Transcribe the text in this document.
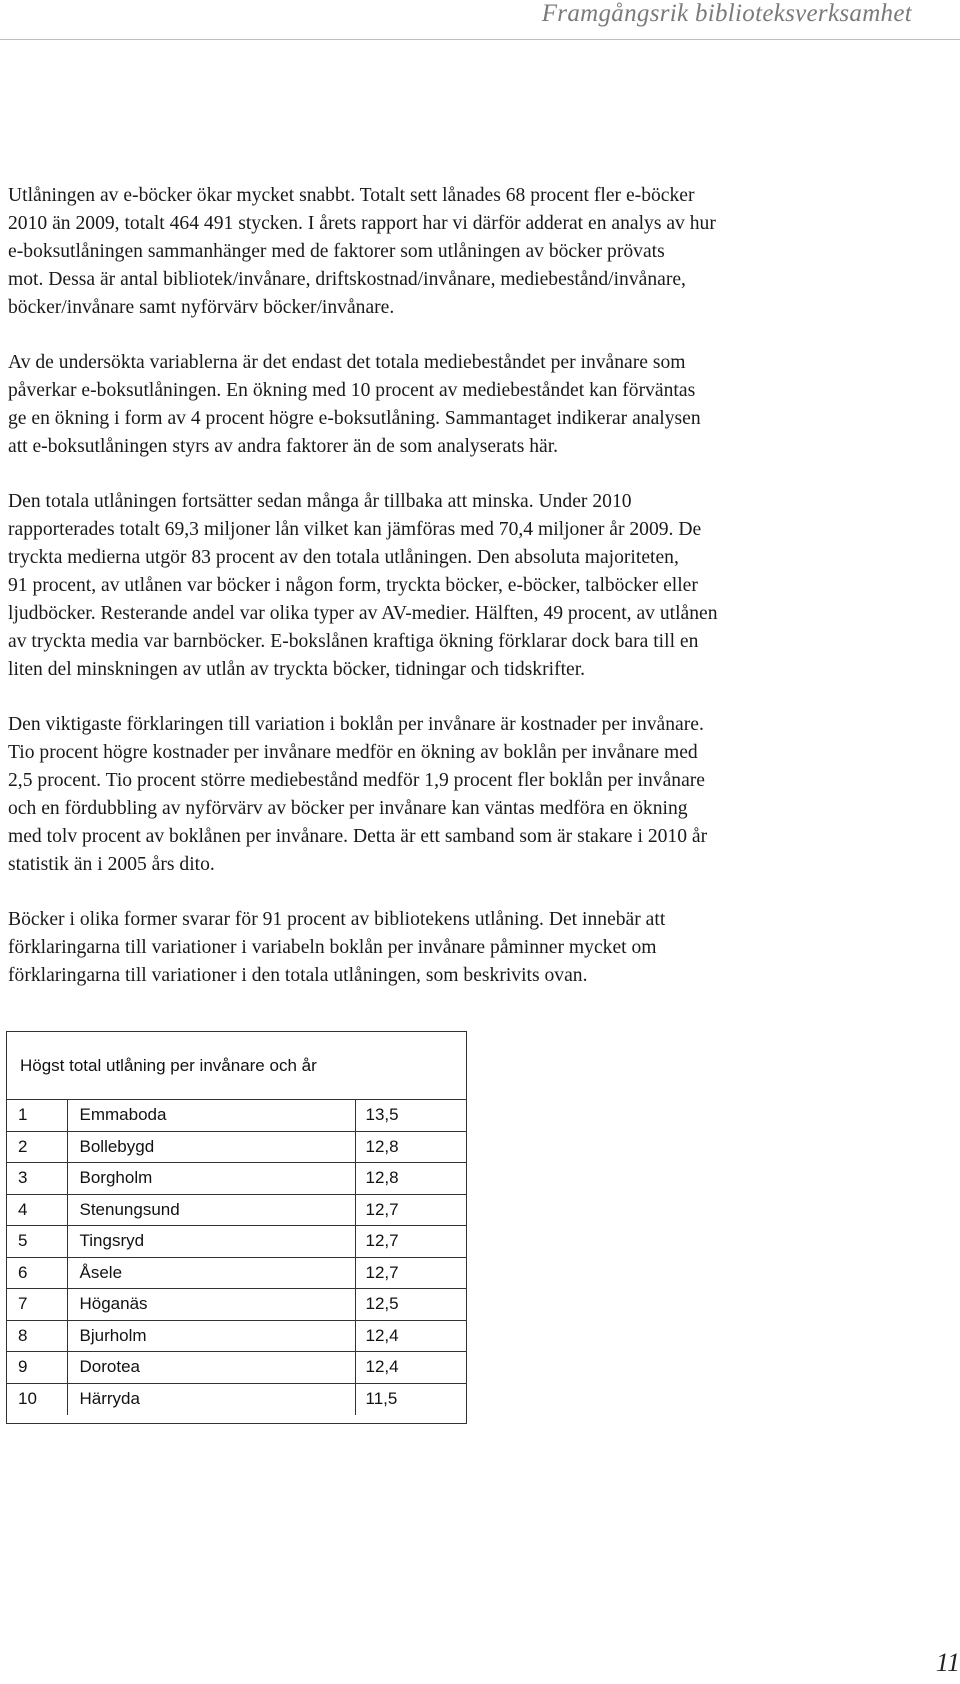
Framgångsrik biblioteksverksamhet

Utlåningen av e-böcker ökar mycket snabbt. Totalt sett lånades 68 procent fler e-böcker
2010 än 2009, totalt 464 491 stycken. I årets rapport har vi därför adderat en analys av hur
e-boksutlåningen sammanhänger med de faktorer som utlåningen av böcker prövats
mot. Dessa är antal bibliotek/invånare, driftskostnad/invånare, mediebestånd/invånare,
böcker/invånare samt nyförvärv böcker/invånare.

Av de undersökta variablerna är det endast det totala mediebeståndet per invånare som
påverkar e-boksutlåningen. En ökning med 10 procent av mediebeståndet kan förväntas
ge en ökning i form av 4 procent högre e-boksutlåning. Sammantaget indikerar analysen
att e-boksutlåningen styrs av andra faktorer än de som analyserats här.

Den totala utlåningen fortsätter sedan många år tillbaka att minska. Under 2010
rapporterades totalt 69,3 miljoner lån vilket kan jämföras med 70,4 miljoner år 2009. De
tryckta medierna utgör 83 procent av den totala utlåningen. Den absoluta majoriteten,
91 procent, av utlånen var böcker i någon form, tryckta böcker, e-böcker, talböcker eller
ljudböcker. Resterande andel var olika typer av AV-medier. Hälften, 49 procent, av utlånen
av tryckta media var barnböcker. E-bokslånen kraftiga ökning förklarar dock bara till en
liten del minskningen av utlån av tryckta böcker, tidningar och tidskrifter.

Den viktigaste förklaringen till variation i boklån per invånare är kostnader per invånare.
Tio procent högre kostnader per invånare medför en ökning av boklån per invånare med
2,5 procent. Tio procent större mediebestånd medför 1,9 procent fler boklån per invånare
och en fördubbling av nyförvärv av böcker per invånare kan väntas medföra en ökning
med tolv procent av boklånen per invånare. Detta är ett samband som är stakare i 2010 år
statistik än i 2005 års dito.

Böcker i olika former svarar för 91 procent av bibliotekens utlåning. Det innebär att
förklaringarna till variationer i variabeln boklån per invånare påminner mycket om
förklaringarna till variationer i den totala utlåningen, som beskrivits ovan.

Högst total utlåning per invånare och år
1	Emmaboda	13,5
2	Bollebygd	12,8
3	Borgholm	12,8
4	Stenungsund	12,7
5	Tingsryd	12,7
6	Åsele	12,7
7	Höganäs	12,5
8	Bjurholm	12,4
9	Dorotea	12,4
10	Härryda	11,5
11
